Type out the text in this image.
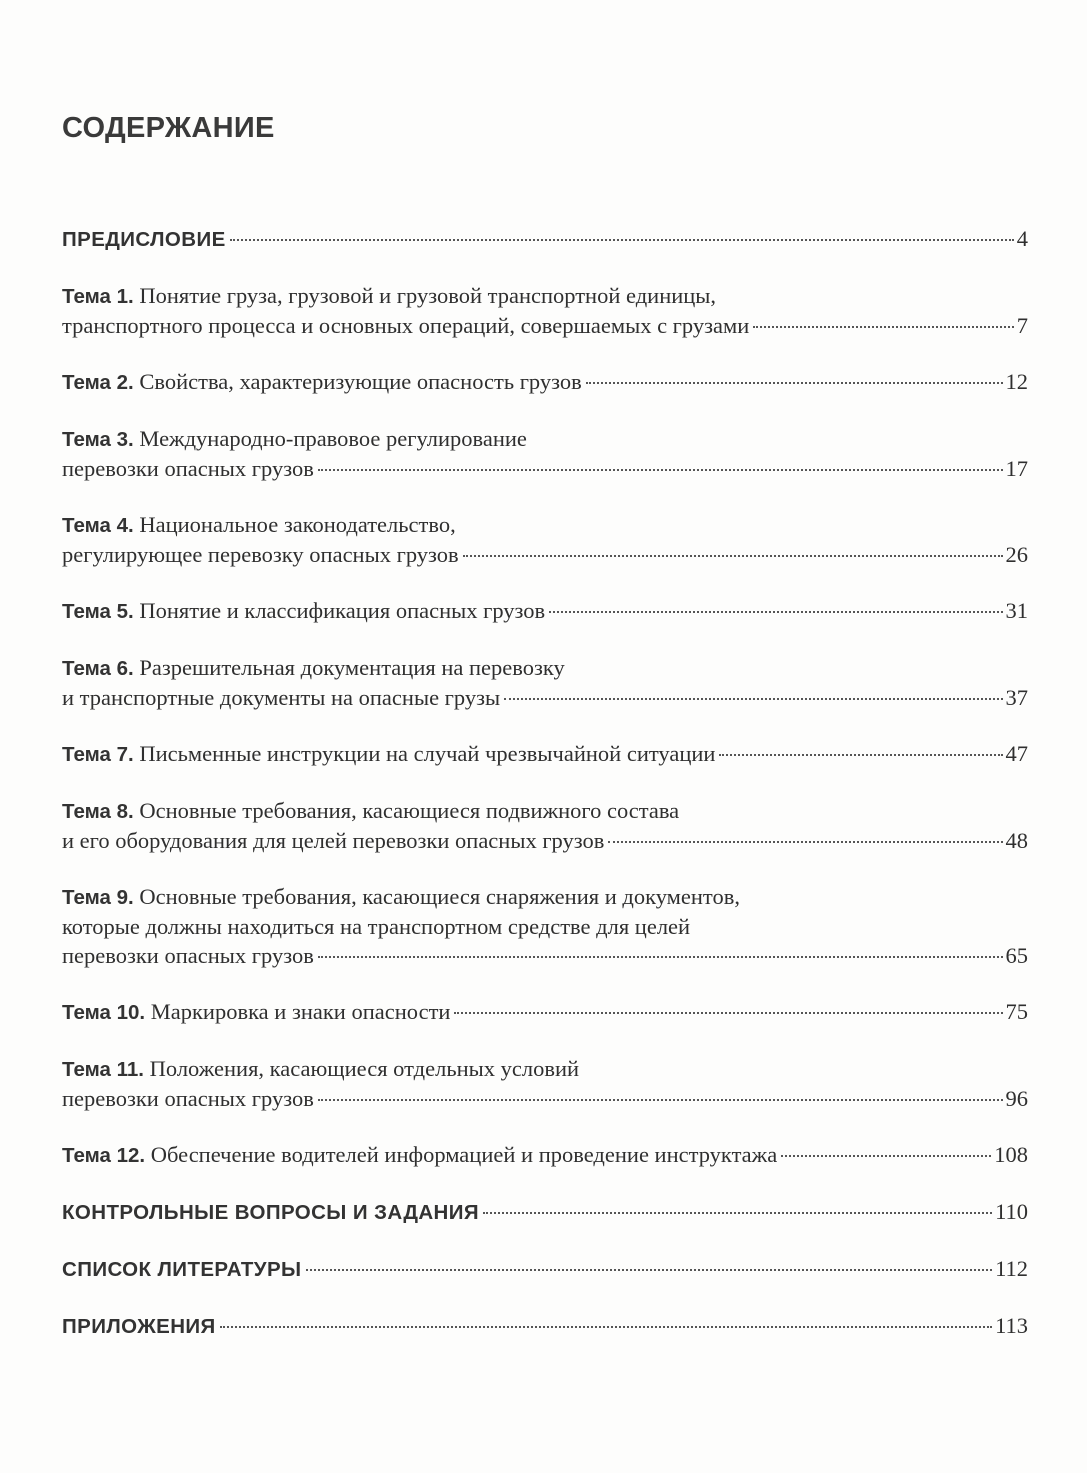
СОДЕРЖАНИЕ
ПРЕДИСЛОВИЕ	4
Тема 1. Понятие груза, грузовой и грузовой транспортной единицы,
транспортного процесса и основных операций, совершаемых с грузами	7
Тема 2.
Свойства, характеризующие опасность грузов	12
Тема 3. Международно-правовое регулирование
перевозки опасных грузов	17
Тема 4. Национальное законодательство,
регулирующее перевозку опасных грузов	26
Тема 5.
Понятие и классификация опасных грузов	31
Тема 6. Разрешительная документация на перевозку
и транспортные документы на опасные грузы	37
Тема 7.
Письменные инструкции на случай чрезвычайной ситуации	47
Тема 8. Основные требования, касающиеся подвижного состава
и его оборудования для целей перевозки опасных грузов	48
Тема 9. Основные требования, касающиеся снаряжения и документов,
которые должны находиться на транспортном средстве для целей
перевозки опасных грузов	65
Тема 10.
Маркировка и знаки опасности	75
Тема 11. Положения, касающиеся отдельных условий
перевозки опасных грузов	96
Тема 12.
Обеспечение водителей информацией и проведение инструктажа	108
КОНТРОЛЬНЫЕ ВОПРОСЫ И ЗАДАНИЯ	110
СПИСОК ЛИТЕРАТУРЫ	112
ПРИЛОЖЕНИЯ	113
